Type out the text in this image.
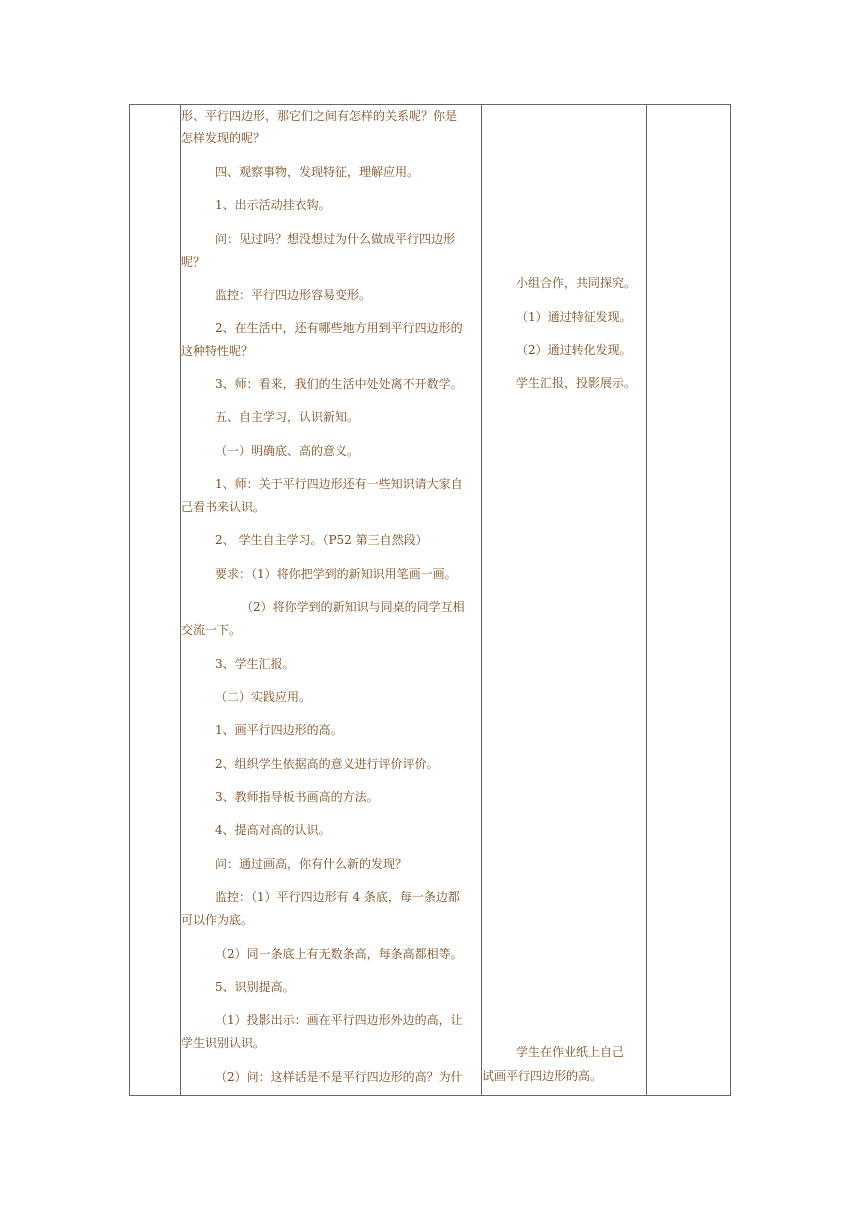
形、平行四边形，那它们之间有怎样的关系呢？你是
怎样发现的呢？
四、观察事物，发现特征，理解应用。
1、出示活动挂衣钩。
问：见过吗？想没想过为什么做成平行四边形
呢？
监控：平行四边形容易变形。
2、在生活中，还有哪些地方用到平行四边形的
这种特性呢？
3、师：看来，我们的生活中处处离不开数学。
五、自主学习，认识新知。
（一）明确底、高的意义。
1、师：关于平行四边形还有一些知识请大家自
己看书来认识。
2、 学生自主学习。（P52 第三自然段）
要求：（1）将你把学到的新知识用笔画一画。
（2）将你学到的新知识与同桌的同学互相
交流一下。
3、学生汇报。
（二）实践应用。
1、画平行四边形的高。
2、组织学生依据高的意义进行评价评价。
3、教师指导板书画高的方法。
4、提高对高的认识。
问：通过画高，你有什么新的发现？
监控：（1）平行四边形有 4 条底，每一条边都
可以作为底。
（2）同一条底上有无数条高，每条高都相等。
5、识别提高。
（1）投影出示：画在平行四边形外边的高，让
学生识别认识。
（2）问：这样话是不是平行四边形的高？为什
小组合作，共同探究。
（1）通过特征发现。
（2）通过转化发现。
学生汇报，投影展示。
学生在作业纸上自己
试画平行四边形的高。
